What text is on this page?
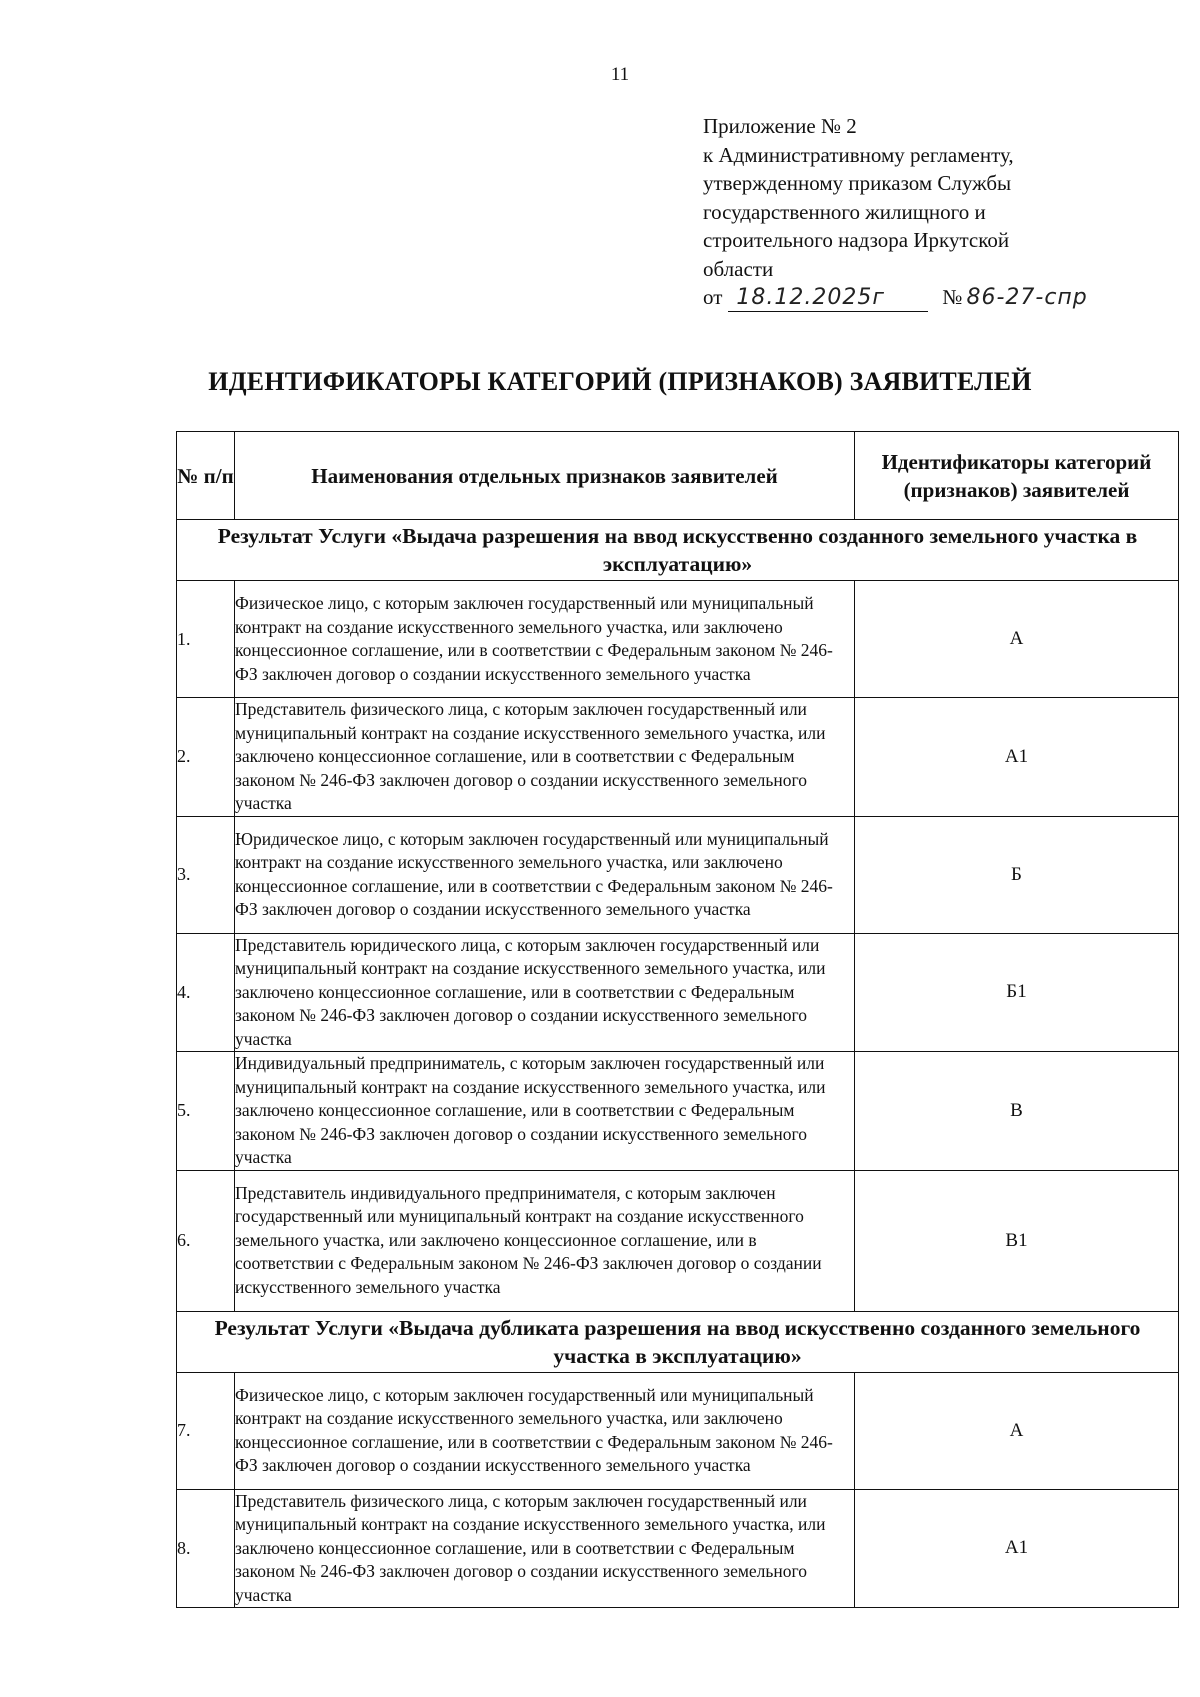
11
Приложение № 2
к Административному регламенту,
утвержденному приказом Службы
государственного жилищного и
строительного надзора Иркутской
области
от 18.12.2025г	№ 86-27-спр
ИДЕНТИФИКАТОРЫ КАТЕГОРИЙ (ПРИЗНАКОВ) ЗАЯВИТЕЛЕЙ
№ п/п	Наименования отдельных признаков заявителей	Идентификаторы категорий (признаков) заявителей
Результат Услуги «Выдача разрешения на ввод искусственно созданного земельного участка в эксплуатацию»		
1.	Физическое лицо, с которым заключен государственный или муниципальный контракт на создание искусственного земельного участка, или заключено концессионное соглашение, или в соответствии с Федеральным законом № 246-ФЗ заключен договор о создании искусственного земельного участка	А
2.	Представитель физического лица, с которым заключен государственный или муниципальный контракт на создание искусственного земельного участка, или заключено концессионное соглашение, или в соответствии с Федеральным законом № 246-ФЗ заключен договор о создании искусственного земельного участка	А1
3.	Юридическое лицо, с которым заключен государственный или муниципальный контракт на создание искусственного земельного участка, или заключено концессионное соглашение, или в соответствии с Федеральным законом № 246-ФЗ заключен договор о создании искусственного земельного участка	Б
4.	Представитель юридического лица, с которым заключен государственный или муниципальный контракт на создание искусственного земельного участка, или заключено концессионное соглашение, или в соответствии с Федеральным законом № 246-ФЗ заключен договор о создании искусственного земельного участка	Б1
5.	Индивидуальный предприниматель, с которым заключен государственный или муниципальный контракт на создание искусственного земельного участка, или заключено концессионное соглашение, или в соответствии с Федеральным законом № 246-ФЗ заключен договор о создании искусственного земельного участка	В
6.	Представитель индивидуального предпринимателя, с которым заключен государственный или муниципальный контракт на создание искусственного земельного участка, или заключено концессионное соглашение, или в соответствии с Федеральным законом № 246-ФЗ заключен договор о создании искусственного земельного участка	В1
Результат Услуги «Выдача дубликата разрешения на ввод искусственно созданного земельного участка в эксплуатацию»		
7.	Физическое лицо, с которым заключен государственный или муниципальный контракт на создание искусственного земельного участка, или заключено концессионное соглашение, или в соответствии с Федеральным законом № 246-ФЗ заключен договор о создании искусственного земельного участка	А
8.	Представитель физического лица, с которым заключен государственный или муниципальный контракт на создание искусственного земельного участка, или заключено концессионное соглашение, или в соответствии с Федеральным законом № 246-ФЗ заключен договор о создании искусственного земельного участка	А1
